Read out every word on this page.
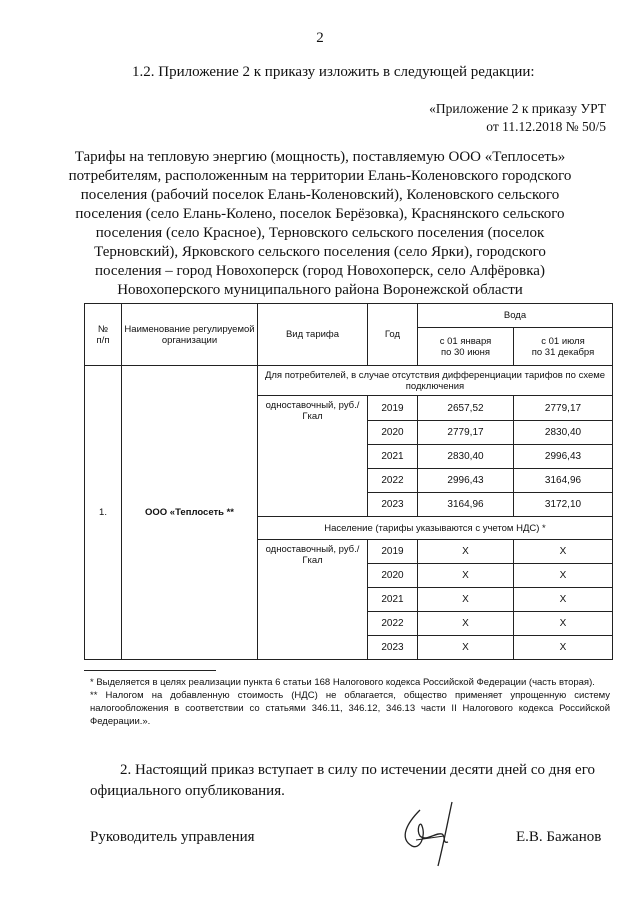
2
1.2. Приложение 2 к приказу изложить в следующей редакции:
«Приложение 2 к приказу УРТ
от 11.12.2018 № 50/5
Тарифы на тепловую энергию (мощность), поставляемую ООО «Теплосеть»
потребителям, расположенным на территории Елань-Коленовского городского
поселения (рабочий поселок Елань-Коленовский), Коленовского сельского
поселения (село Елань-Колено, поселок Берёзовка), Краснянского сельского
поселения (село Красное), Терновского сельского поселения (поселок
Терновский), Ярковского сельского поселения (село Ярки), городского
поселения – город Новохоперск (город Новохоперск, село Алфёровка)
Новохоперского муниципального района Воронежской области
№
п/п	Наименование регулируемой организации	Вид тарифа	Год	Вода	
				с 01 января
по 30 июня	с 01 июля
по 31 декабря
1.	ООО «Теплосеть **	Для потребителей, в случае отсутствия дифференциации тарифов по схеме подключения			
		одноставочный, руб./Гкал	2019	2657,52	2779,17
			2020	2779,17	2830,40
			2021	2830,40	2996,43
			2022	2996,43	3164,96
			2023	3164,96	3172,10
		Население (тарифы указываются с учетом НДС) *			
		одноставочный, руб./Гкал	2019	Х	Х
			2020	Х	Х
			2021	Х	Х
			2022	Х	Х
			2023	Х	Х

* Выделяется в целях реализации пункта 6 статьи 168 Налогового кодекса Российской Федерации (часть вторая).

** Налогом на добавленную стоимость (НДС) не облагается, общество применяет упрощенную систему налогообложения в соответствии со статьями 346.11, 346.12, 346.13 части II Налогового кодекса Российской Федерации.».

2. Настоящий приказ вступает в силу по истечении десяти дней со дня его
официального опубликования.
Руководитель управления	Е.В. Бажанов
